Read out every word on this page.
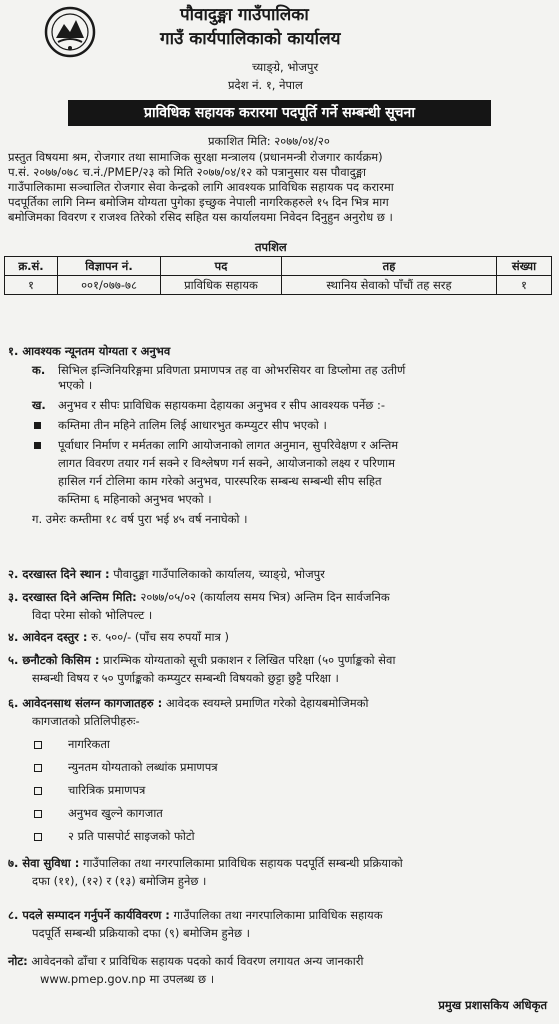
पौवादुङ्मा गाउँपालिका
गाउँ कार्यपालिकाको कार्यालय
च्याङ्ग्रे, भोजपुर
प्रदेश नं. १, नेपाल
प्राविधिक सहायक करारमा पदपूर्ति गर्ने सम्बन्धी सूचना
प्रकाशित मिति: २०७७/०४/२०

प्रस्तुत विषयमा श्रम, रोजगार तथा सामाजिक सुरक्षा मन्त्रालय (प्रधानमन्त्री रोजगार कार्यक्रम)

प.सं. २०७७/०७८ च.नं./PMEP/२३ को मिति २०७७/०४/१२ को पत्रानुसार यस पौवादुङ्मा

गाउँपालिकामा सञ्चालित रोजगार सेवा केन्द्रको लागि आवश्यक प्राविधिक सहायक पद करारमा

पदपूर्तिका लागि निम्न बमोजिम योग्यता पुगेका इच्छुक नेपाली नागरिकहरुले १५ दिन भित्र माग

बमोजिमका विवरण र राजश्व तिरेको रसिद सहित यस कार्यालयमा निवेदन दिनुहुन अनुरोध छ ।

तपशिल
क्र.सं.	विज्ञापन नं.	पद	तह	संख्या
१	००१/०७७-७८	प्राविधिक सहायक	स्थानिय सेवाको पाँचौं तह सरह	१
१. आवश्यक न्यूनतम योग्यता र अनुभव
क. सिभिल इन्जिनियरिङ्गमा प्रविणता प्रमाणपत्र तह वा ओभरसियर वा डिप्लोमा तह उतीर्ण
भएको ।
ख. अनुभव र सीपः प्राविधिक सहायकमा देहायका अनुभव र सीप आवश्यक पर्नेछ :-
कम्तिमा तीन महिने तालिम लिई आधारभुत कम्प्युटर सीप भएको ।
पूर्वाधार निर्माण र मर्मतका लागि आयोजनाको लागत अनुमान, सुपरिवेक्षण र अन्तिम
लागत विवरण तयार गर्न सक्ने र विश्लेषण गर्न सक्ने, आयोजनाको लक्ष्य र परिणाम
हासिल गर्न टोलिमा काम गरेको अनुभव, पारस्परिक सम्बन्ध सम्बन्धी सीप सहित
कम्तिमा ६ महिनाको अनुभव भएको ।
ग. उमेरः कम्तीमा १८ वर्ष पुरा भई ४५ वर्ष ननाघेको ।
२. दरखास्त दिने स्थान : पौवादुङ्मा गाउँपालिकाको कार्यालय, च्याङ्ग्रे, भोजपुर
३. दरखास्त दिने अन्तिम मिति: २०७७/०५/०२ (कार्यालय समय भित्र) अन्तिम दिन सार्वजनिक
विदा परेमा सोको भोलिपल्ट ।
४. आवेदन दस्तुर : रु. ५००/- (पाँच सय रुपयाँ मात्र )
५. छनौटको किसिम : प्रारम्भिक योग्यताको सूची प्रकाशन र लिखित परिक्षा (५० पुर्णाङ्कको सेवा
सम्बन्धी विषय र ५० पुर्णाङ्कको कम्प्युटर सम्बन्धी विषयको छुट्टा छुट्टै परिक्षा ।
६. आवेदनसाथ संलग्न कागजातहरु : आवेदक स्वयम्ले प्रमाणित गरेको देहायबमोजिमको
कागजातको प्रतिलिपीहरुः-
नागरिकता
न्युनतम योग्यताको लब्धांक प्रमाणपत्र
चारित्रिक प्रमाणपत्र
अनुभव खुल्ने कागजात
२ प्रति पासपोर्ट साइजको फोटो
७. सेवा सुविधा : गाउँपालिका तथा नगरपालिकामा प्राविधिक सहायक पदपूर्ति सम्बन्धी प्रक्रियाको
दफा (११), (१२) र (१३) बमोजिम हुनेछ ।
८. पदले सम्पादन गर्नुपर्ने कार्यविवरण : गाउँपालिका तथा नगरपालिकामा प्राविधिक सहायक
पदपूर्ति सम्बन्धी प्रक्रियाको दफा (९) बमोजिम हुनेछ ।
नोट: आवेदनको ढाँचा र प्राविधिक सहायक पदको कार्य विवरण लगायत अन्य जानकारी
www.pmep.gov.np मा उपलब्ध छ ।
प्रमुख प्रशासकिय अधिकृत
